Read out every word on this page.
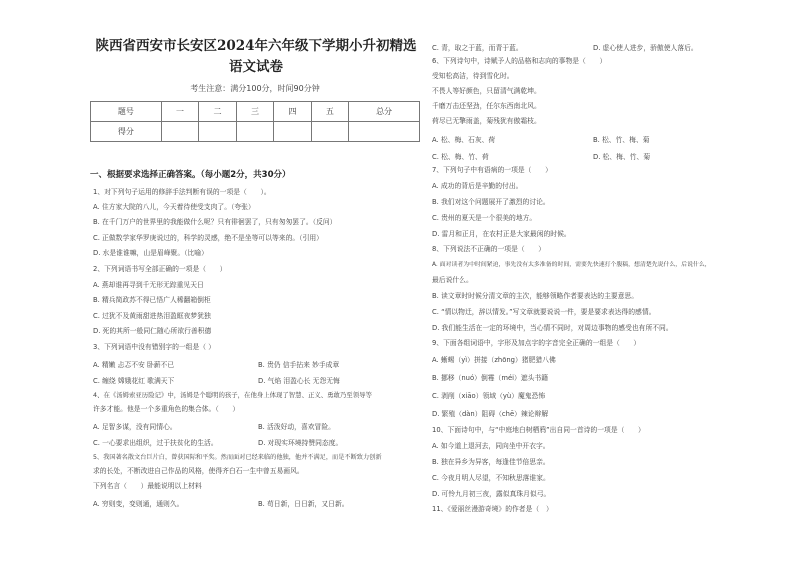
陕西省西安市长安区2024年六年级下学期小升初精选语文试卷
考生注意：满分100分，时间90分钟
题号	一	二	三	四	五	总分
得分						
一、根据要求选择正确答案。（每小题2分，共30分）
1、对下列句子运用的修辞手法判断有误的一项是（　　）。
A. 住方家大院的八儿，今天着待使受支肉了。（夸张）
B. 在千门万户的世界里的我能做什么呢？只有徘徊罢了，只有匆匆罢了。（反问）
C. 正做数学家华罗庚说过的，科学的灵感，绝不是坐等可以等来的。（引用）
D. 水是谁谁嘛，山是眉峰聚。（比喻）
2、下列词语书写全部正确的一项是（　　）
A. 燕却谁再寻到千无形无踪重见天日
B. 精兵简政苏不得已悟广人稀翻箱倒柜
C. 过犹不及黄雨甜进热泪盈眶夜梦犹独
D. 死的其所一般同仁随心所欲行善积德
3、下列词语中没有错别字的一组是（ ）
A. 精嫩 忐忑不安 卧薪不已	B. 贵仍 信手拈来 妙手成章
C. 缠绕 嫦娥花红 歌满天下	D. 气焰 泪盈心长 无怨无悔
4、在《汤姆索亚历险记》中，汤姆是个聪明的孩子，在他身上体现了智慧、正义、勇敢乃至领导等
许多才能。他是一个多重角色的集合体。（　　）
A. 足智多谋，没有同情心。	B. 活泼好动，喜欢冒险。
C. 一心要求出组织，过于扶贫化的生活。	D. 对现实环境持赞同态度。
5、我国著名散文台巨片白，曾获国际和平奖。然而面对已经来临的他独，他并不满足，而是不断致力创新
求的长处，不断改进自己作品的风格，使得齐白石一生中曾五易画风。
下列名言（　　）最能说明以上材料
A. 穷则变，变则通，通则久。	B. 苟日新，日日新，又日新。
C. 青，取之于蓝，而青于蓝。	D. 虚心使人进步，骄傲使人落后。
6、下列诗句中，诗赋予人的品格和志向的事物是（　　）
受知松高洁，待到雪化时。
不畏人等好颜色，只留清气满乾坤。
千磨万击还坚劲，任尔东西南北风。
荷尽已无擎雨盖，菊残犹有傲霜枝。
A. 松、梅、石灰、荷	B. 松、竹、梅、菊
C. 松、梅、竹、荷	D. 松、梅、竹、菊
7、下列句子中有语病的一项是（　　）
A. 成功的背后是辛勤的付出。
B. 我们对这个问题展开了激烈的讨论。
C. 贵州的夏天是一个很美的地方。
D. 雷月和正月，在农村正是大家最闲的时候。
8、下列说法不正确的一项是（　　）
A. 面对读者为中时间紧迫，事先没有太多准备的时间，需要先快速打个腹稿，想清楚先说什么，后说什么，
最后说什么。
B. 读文章时时候分清文章的主次，能够领略作者要表达的主要意思。
C. “情以物迁，辞以情发。”写文章就要说说一件，要是要求表达得的感情。
D. 我们能生活在一定的环境中，当心情不同时，对周边事物的感受也有所不同。
9、下面各组词语中，字形及加点字的字音完全正确的一组是（　　）
A. 蜥蜴（yì）拼接（zhōng）猪肥猎八佛
B. 挪移（nuó）倒霉（méi）遮头书籍
C. 剥削（xiāo）领域（yù）魔鬼恐怖
D. 繁殖（dàn）阻碍（chē）辣论辩解
10、下面诗句中，与“中庭地白树栖鸦”出自同一首诗的一项是（　　）
A. 如今道上退河去，同向坐中开衣字。
B. 独在异乡为异客，每逢佳节倍思亲。
C. 今夜月明人尽望，不知秋思落谁家。
D. 可怜九月初三夜，露似真珠月似弓。
11、《爱丽丝漫游奇境》的作者是（　）
